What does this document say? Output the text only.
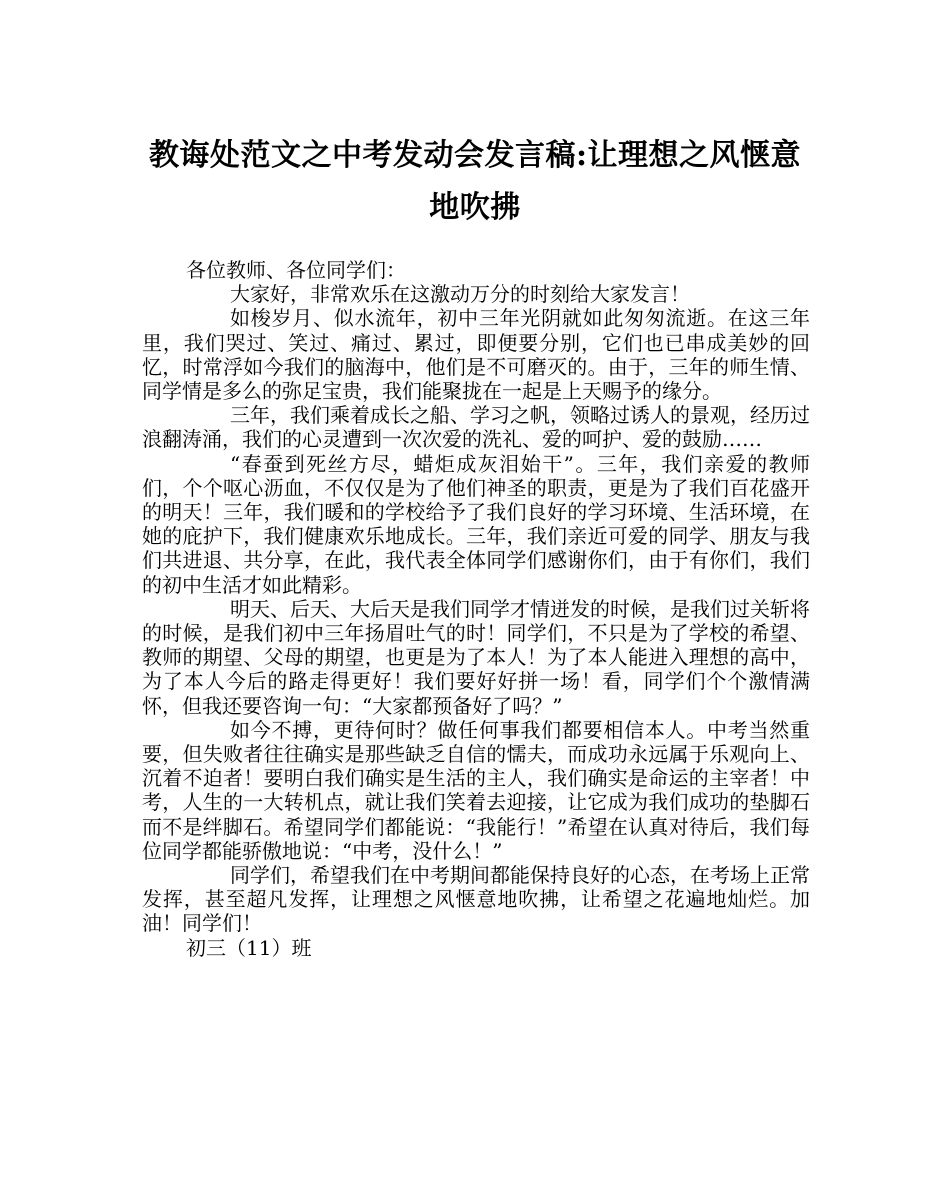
教诲处范文之中考发动会发言稿:让理想之风惬意地吹拂

各位教师、各位同学们：

大家好，非常欢乐在这激动万分的时刻给大家发言！

如梭岁月、似水流年，初中三年光阴就如此匆匆流逝。在这三年里，我们哭过、笑过、痛过、累过，即便要分别，它们也已串成美妙的回忆，时常浮如今我们的脑海中，他们是不可磨灭的。由于，三年的师生情、同学情是多么的弥足宝贵，我们能聚拢在一起是上天赐予的缘分。

三年，我们乘着成长之船、学习之帆，领略过诱人的景观，经历过浪翻涛涌，我们的心灵遭到一次次爱的洗礼、爱的呵护、爱的鼓励……

“春蚕到死丝方尽，蜡炬成灰泪始干”。三年，我们亲爱的教师们，个个呕心沥血，不仅仅是为了他们神圣的职责，更是为了我们百花盛开的明天！三年，我们暖和的学校给予了我们良好的学习环境、生活环境，在她的庇护下，我们健康欢乐地成长。三年，我们亲近可爱的同学、朋友与我们共进退、共分享，在此，我代表全体同学们感谢你们，由于有你们，我们的初中生活才如此精彩。

明天、后天、大后天是我们同学才情迸发的时候，是我们过关斩将的时候，是我们初中三年扬眉吐气的时！同学们，不只是为了学校的希望、教师的期望、父母的期望，也更是为了本人！为了本人能进入理想的高中，为了本人今后的路走得更好！我们要好好拼一场！看，同学们个个激情满怀，但我还要咨询一句：“大家都预备好了吗？”

如今不搏，更待何时？做任何事我们都要相信本人。中考当然重要，但失败者往往确实是那些缺乏自信的懦夫，而成功永远属于乐观向上、沉着不迫者！要明白我们确实是生活的主人，我们确实是命运的主宰者！中考，人生的一大转机点，就让我们笑着去迎接，让它成为我们成功的垫脚石而不是绊脚石。希望同学们都能说：“我能行！”希望在认真对待后，我们每位同学都能骄傲地说：“中考，没什么！”

同学们，希望我们在中考期间都能保持良好的心态，在考场上正常发挥，甚至超凡发挥，让理想之风惬意地吹拂，让希望之花遍地灿烂。加油！同学们！

初三（11）班
